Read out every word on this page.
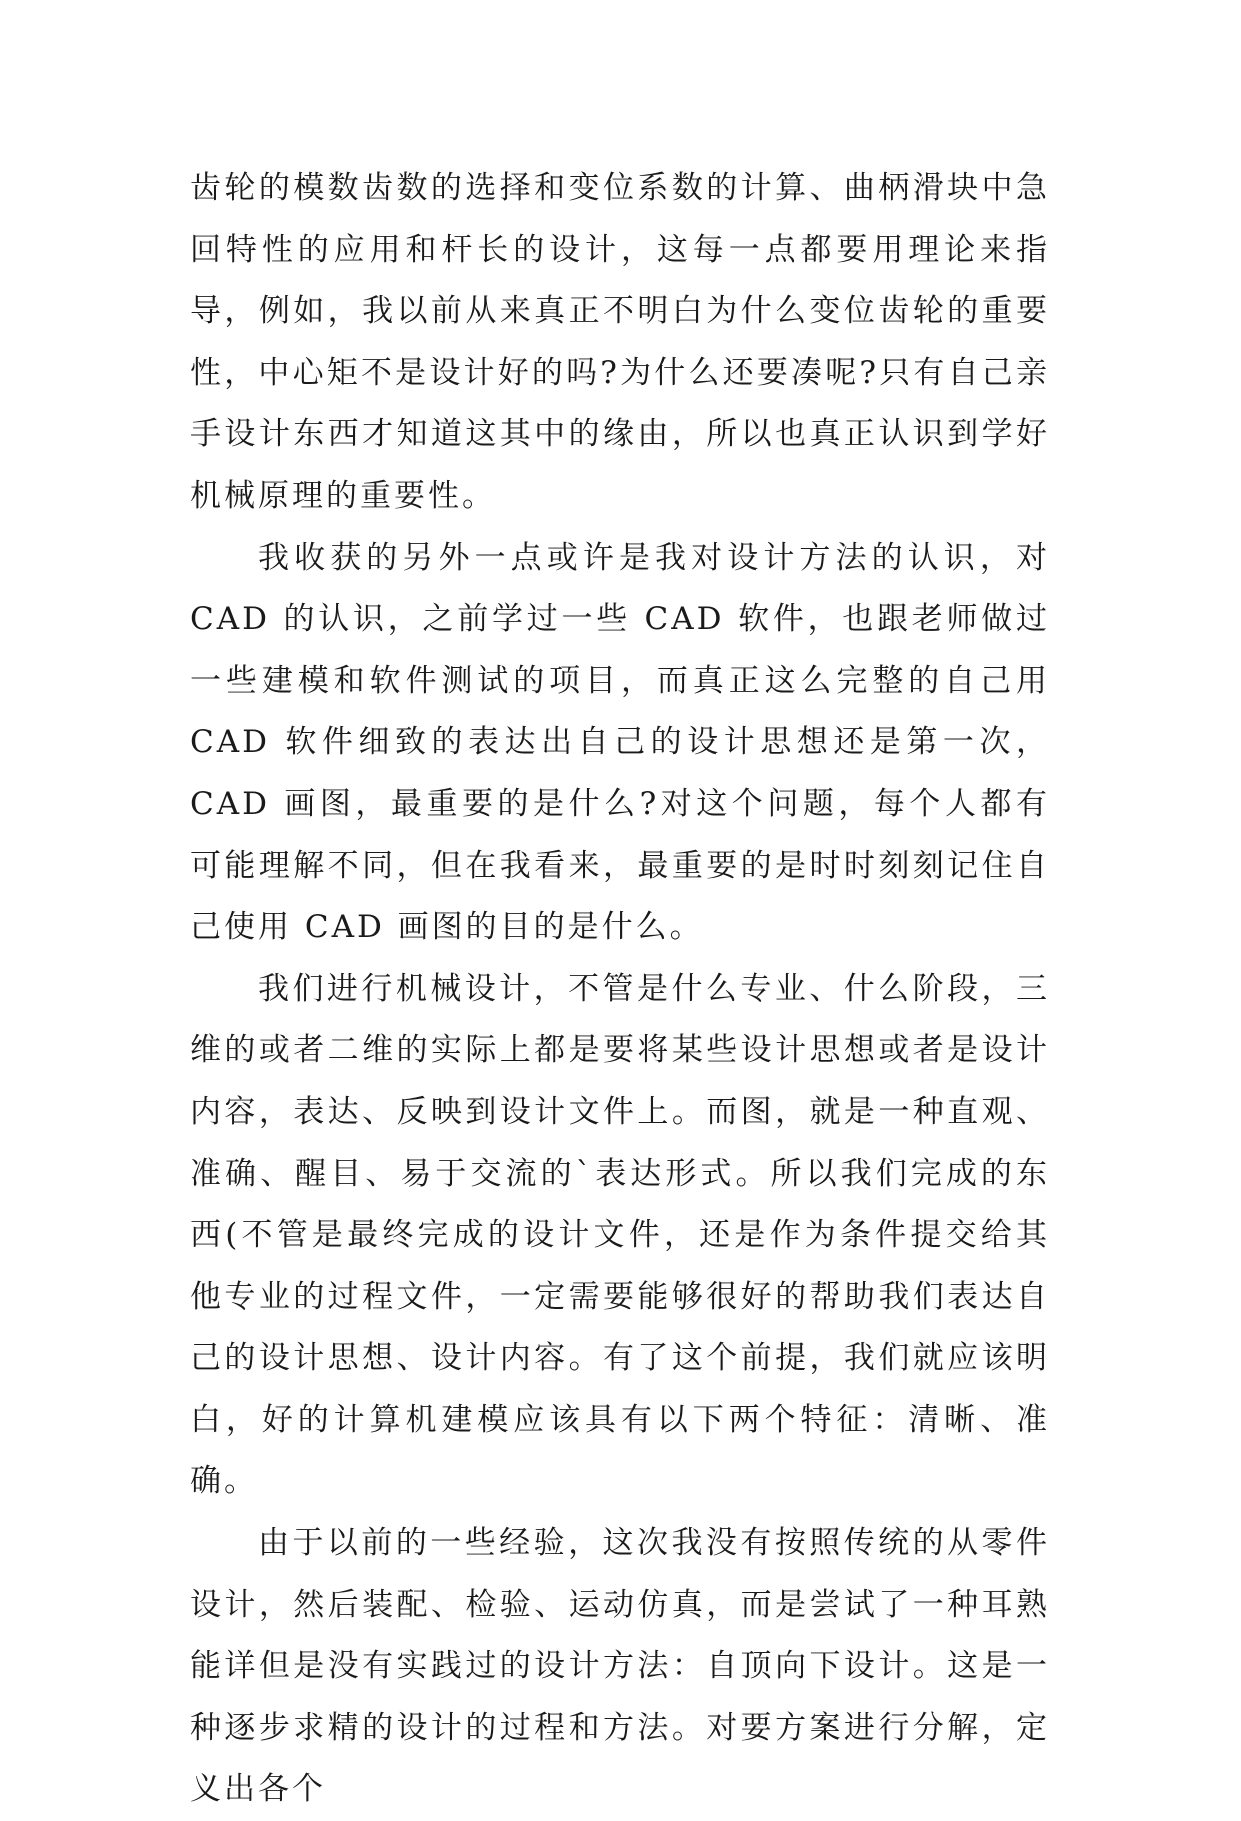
齿轮的模数齿数的选择和变位系数的计算、曲柄滑块中急回特性的应用和杆长的设计，这每一点都要用理论来指导，例如，我以前从来真正不明白为什么变位齿轮的重要性，中心矩不是设计好的吗?为什么还要凑呢?只有自己亲手设计东西才知道这其中的缘由，所以也真正认识到学好机械原理的重要性。

我收获的另外一点或许是我对设计方法的认识，对 CAD 的认识，之前学过一些 CAD 软件，也跟老师做过一些建模和软件测试的项目，而真正这么完整的自己用 CAD 软件细致的表达出自己的设计思想还是第一次，CAD 画图，最重要的是什么?对这个问题，每个人都有可能理解不同，但在我看来，最重要的是时时刻刻记住自己使用 CAD 画图的目的是什么。

我们进行机械设计，不管是什么专业、什么阶段，三维的或者二维的实际上都是要将某些设计思想或者是设计内容，表达、反映到设计文件上。而图，就是一种直观、准确、醒目、易于交流的`表达形式。所以我们完成的东西(不管是最终完成的设计文件，还是作为条件提交给其他专业的过程文件，一定需要能够很好的帮助我们表达自己的设计思想、设计内容。有了这个前提，我们就应该明白，好的计算机建模应该具有以下两个特征：清晰、准确。

由于以前的一些经验，这次我没有按照传统的从零件设计，然后装配、检验、运动仿真，而是尝试了一种耳熟能详但是没有实践过的设计方法：自顶向下设计。这是一种逐步求精的设计的过程和方法。对要方案进行分解，定义出各个
